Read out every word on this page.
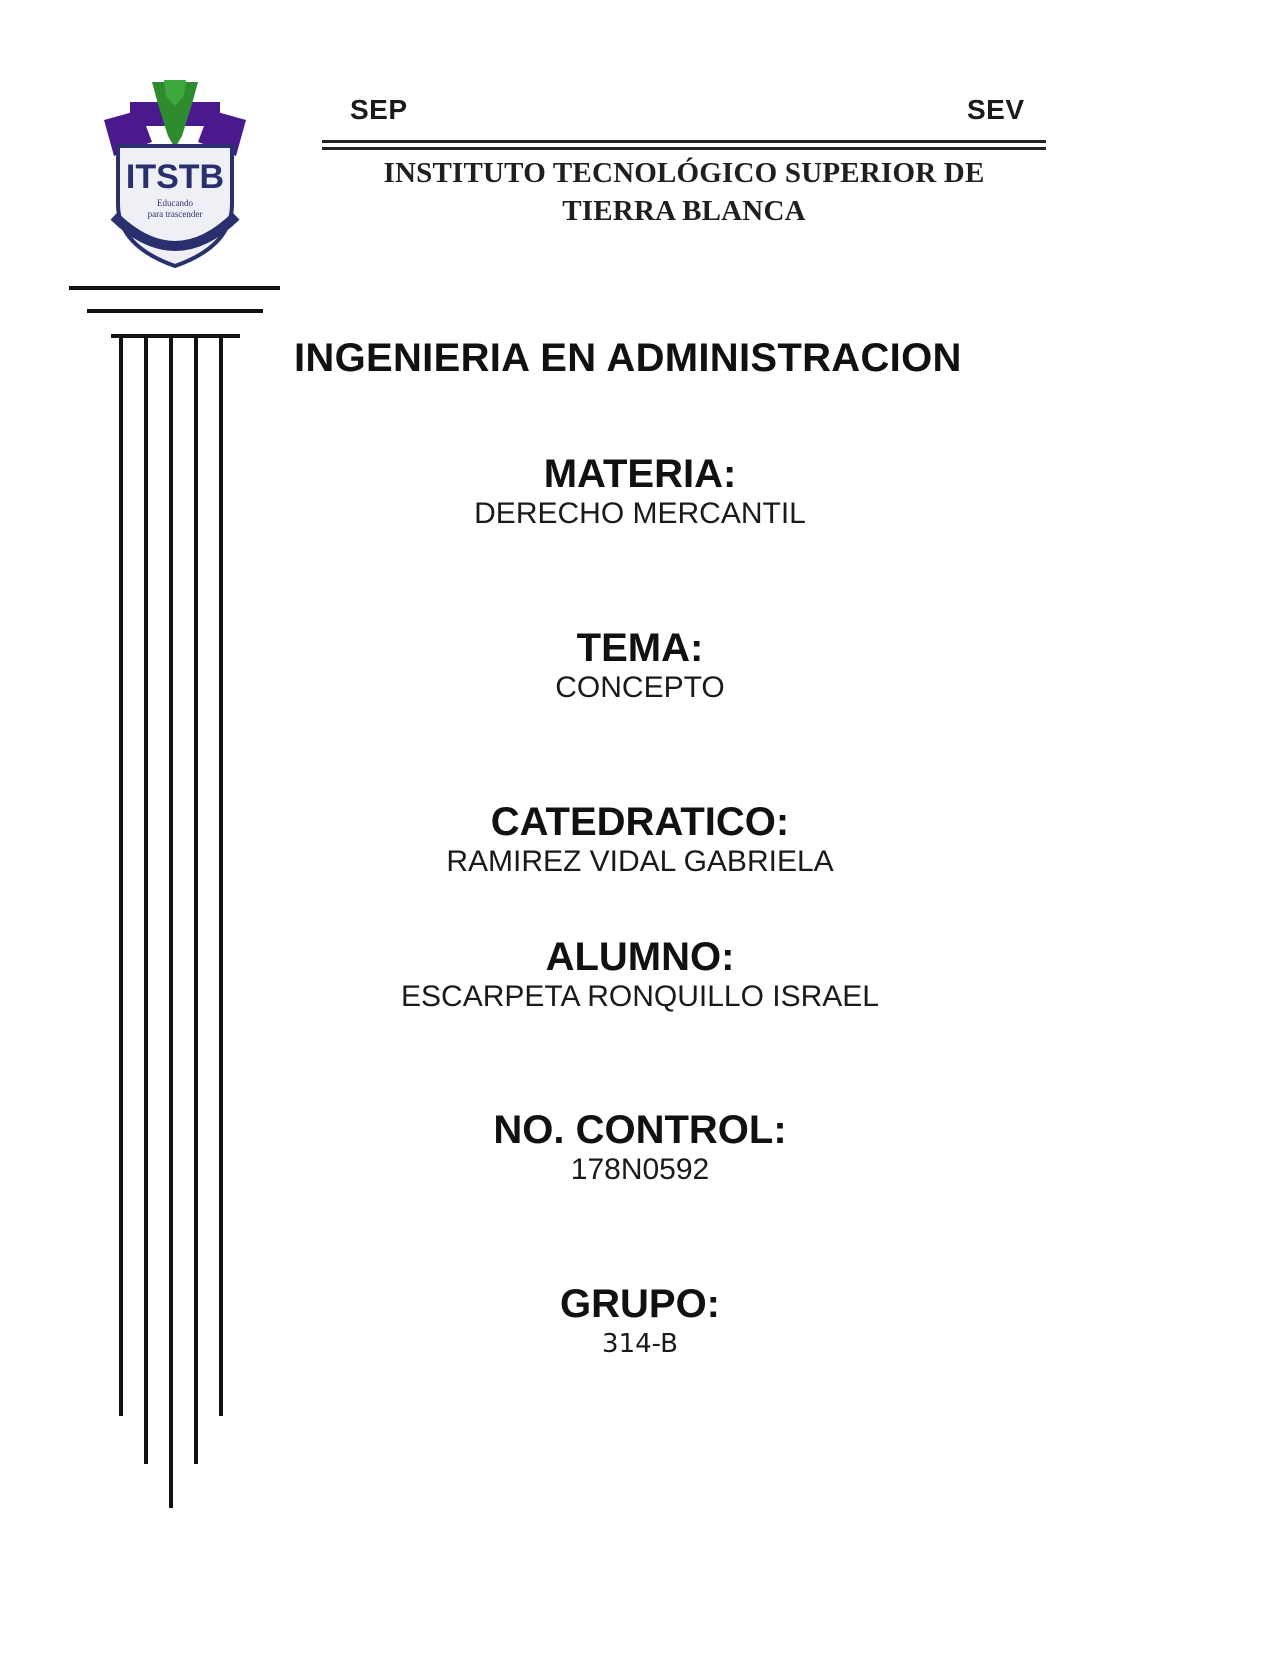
ITSTB
Educando
para trascender
SEP	SEV
INSTITUTO TECNOLÓGICO SUPERIOR DE
TIERRA BLANCA
INGENIERIA EN ADMINISTRACION
MATERIA:
DERECHO MERCANTIL
TEMA:
CONCEPTO
CATEDRATICO:
RAMIREZ VIDAL GABRIELA
ALUMNO:
ESCARPETA RONQUILLO ISRAEL
NO. CONTROL:
178N0592
GRUPO:
314-B
